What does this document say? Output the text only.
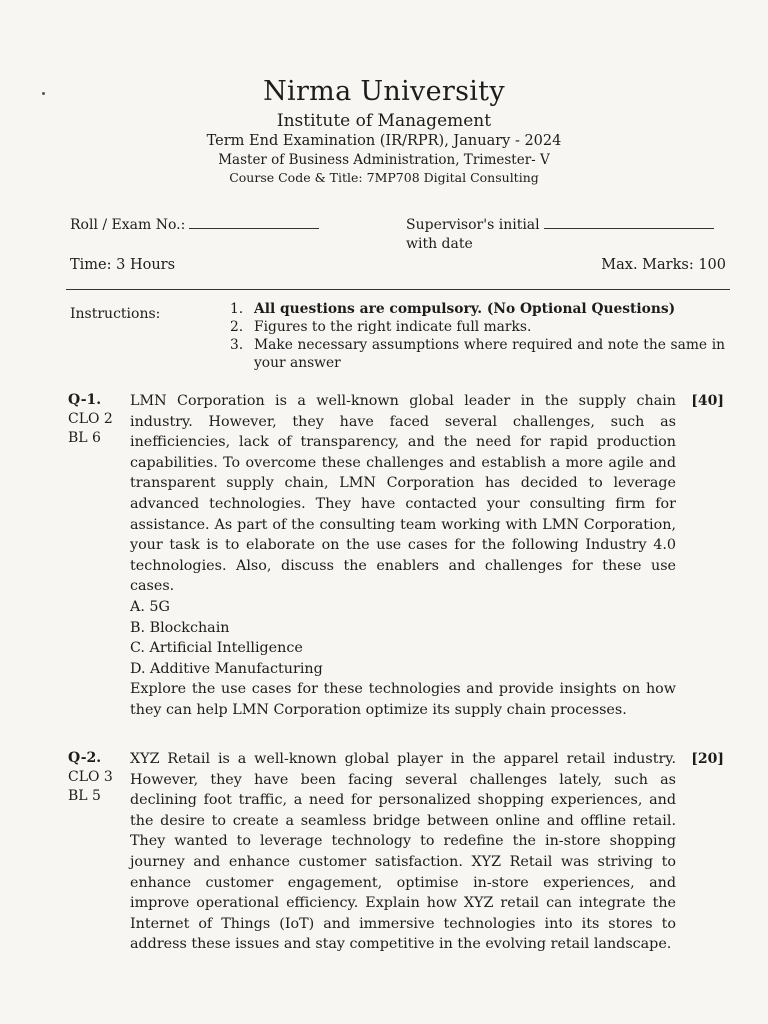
Nirma University
Institute of Management
Term End Examination (IR/RPR), January - 2024
Master of Business Administration, Trimester- V
Course Code & Title: 7MP708 Digital Consulting
Roll / Exam No.:	Supervisor's initial
with date
Time: 3 Hours	Max. Marks: 100
Instructions:	1. All questions are compulsory. (No Optional Questions)
2. Figures to the right indicate full marks.
3. Make necessary assumptions where required and note the same in your answer
Q-1.
CLO 2
BL 6
LMN Corporation is a well-known global leader in the supply chain industry. However, they have faced several challenges, such as inefficiencies, lack of transparency, and the need for rapid production capabilities. To overcome these challenges and establish a more agile and transparent supply chain, LMN Corporation has decided to leverage advanced technologies. They have contacted your consulting firm for assistance. As part of the consulting team working with LMN Corporation, your task is to elaborate on the use cases for the following Industry 4.0 technologies. Also, discuss the enablers and challenges for these use cases.
A. 5G
B. Blockchain
C. Artificial Intelligence
D. Additive Manufacturing
Explore the use cases for these technologies and provide insights on how they can help LMN Corporation optimize its supply chain processes.
[40]
Q-2.
CLO 3
BL 5
XYZ Retail is a well-known global player in the apparel retail industry. However, they have been facing several challenges lately, such as declining foot traffic, a need for personalized shopping experiences, and the desire to create a seamless bridge between online and offline retail. They wanted to leverage technology to redefine the in-store shopping journey and enhance customer satisfaction. XYZ Retail was striving to enhance customer engagement, optimise in-store experiences, and improve operational efficiency. Explain how XYZ retail can integrate the Internet of Things (IoT) and immersive technologies into its stores to address these issues and stay competitive in the evolving retail landscape.
[20]
